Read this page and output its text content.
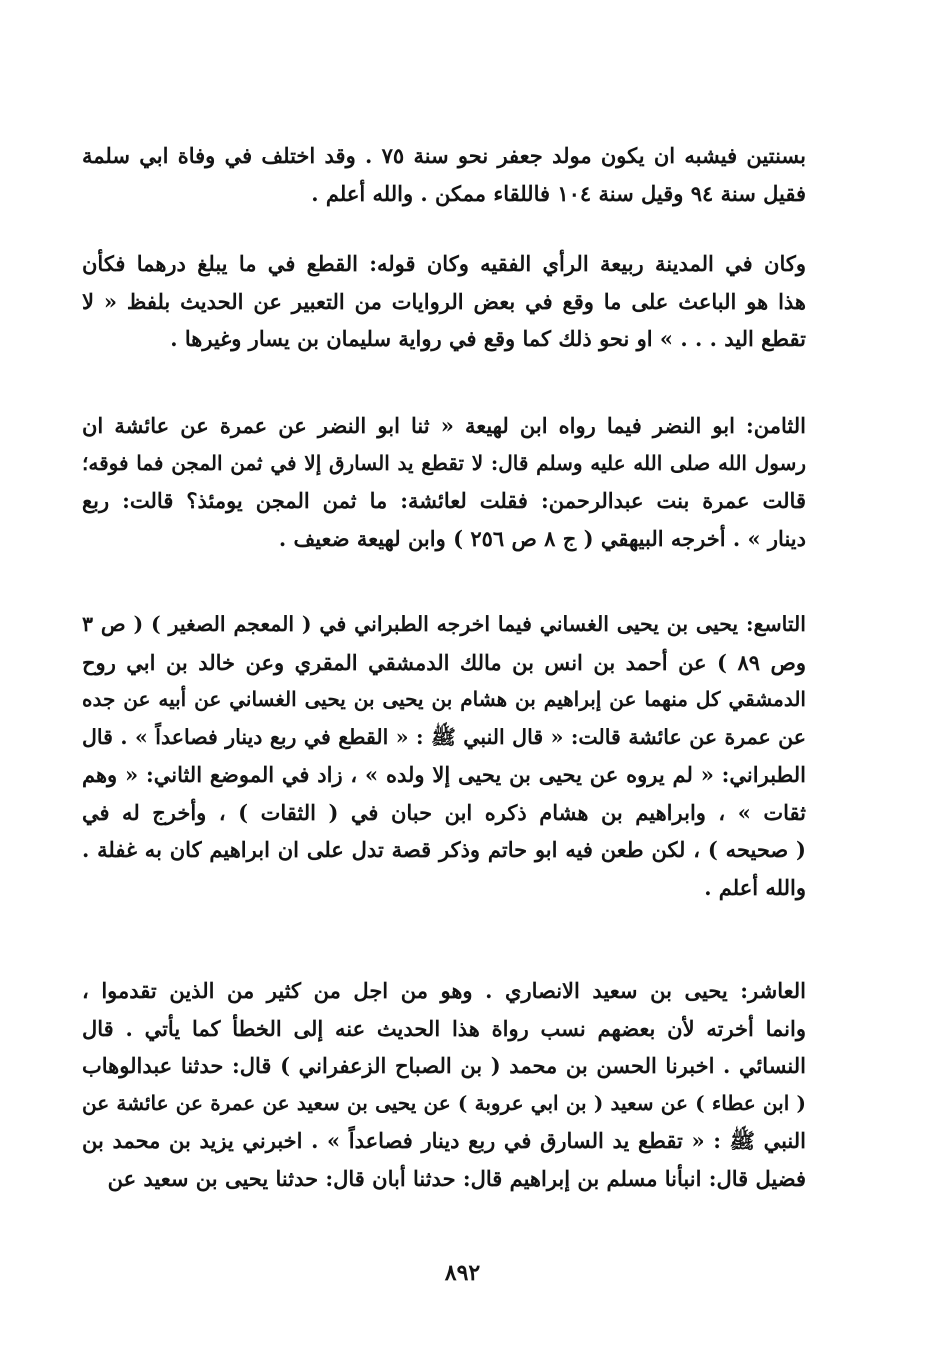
بسنتين فيشبه ان يكون مولد جعفر نحو سنة ٧٥ . وقد اختلف في وفاة ابي سلمة
فقيل سنة ٩٤ وقيل سنة ١٠٤ فاللقاء ممكن . والله أعلم .
وكان في المدينة ربيعة الرأي الفقيه وكان قوله: القطع في ما يبلغ درهما فكأن
هذا هو الباعث على ما وقع في بعض الروايات من التعبير عن الحديث بلفظ « لا
تقطع اليد . . . » او نحو ذلك كما وقع في رواية سليمان بن يسار وغيرها .
الثامن: ابو النضر فيما رواه ابن لهيعة « ثنا ابو النضر عن عمرة عن عائشة ان
رسول الله صلى الله عليه وسلم قال: لا تقطع يد السارق إلا في ثمن المجن فما فوقه؛
قالت عمرة بنت عبدالرحمن: فقلت لعائشة: ما ثمن المجن يومئذ؟ قالت: ربع
دينار » . أخرجه البيهقي ( ج ٨ ص ٢٥٦ ) وابن لهيعة ضعيف .
التاسع: يحيى بن يحيى الغساني فيما اخرجه الطبراني في ( المعجم الصغير ) ( ص ٣
وص ٨٩ ) عن أحمد بن انس بن مالك الدمشقي المقري وعن خالد بن ابي روح
الدمشقي كل منهما عن إبراهيم بن هشام بن يحيى بن يحيى الغساني عن أبيه عن جده
عن عمرة عن عائشة قالت: « قال النبي ﷺ : « القطع في ربع دينار فصاعداً » . قال
الطبراني: « لم يروه عن يحيى بن يحيى إلا ولده » ، زاد في الموضع الثاني: « وهم
ثقات » ، وابراهيم بن هشام ذكره ابن حبان في ( الثقات ) ، وأخرج له في
( صحيحه ) ، لكن طعن فيه ابو حاتم وذكر قصة تدل على ان ابراهيم كان به غفلة .
والله أعلم .
العاشر: يحيى بن سعيد الانصاري . وهو من اجل من كثير من الذين تقدموا ،
وانما أخرته لأن بعضهم نسب رواة هذا الحديث عنه إلى الخطأ كما يأتي . قال
النسائي . اخبرنا الحسن بن محمد ( بن الصباح الزعفراني ) قال: حدثنا عبدالوهاب
( ابن عطاء ) عن سعيد ( بن ابي عروبة ) عن يحيى بن سعيد عن عمرة عن عائشة عن
النبي ﷺ : « تقطع يد السارق في ربع دينار فصاعداً » . اخبرني يزيد بن محمد بن
فضيل قال: انبأنا مسلم بن إبراهيم قال: حدثنا أبان قال: حدثنا يحيى بن سعيد عن
٨٩٢
